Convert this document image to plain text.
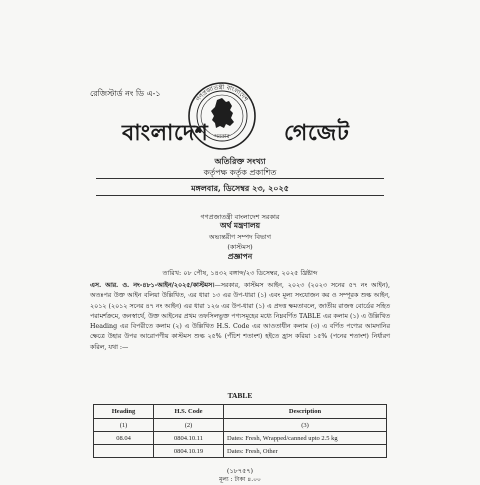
রেজিস্টার্ড নং ডি এ-১
বাংলাদেশ
গণপ্রজাতন্ত্রী বাংলাদেশ
সরকার গেজেট
অতিরিক্ত সংখ্যা
কর্তৃপক্ষ কর্তৃক প্রকাশিত
মঙ্গলবার, ডিসেম্বর ২৩, ২০২৫
গণপ্রজাতন্ত্রী বাংলাদেশ সরকার
অর্থ মন্ত্রণালয়
অভ্যন্তরীণ সম্পদ বিভাগ
(কাস্টমস)
প্রজ্ঞাপন
তারিখ: ০৮ পৌষ, ১৪৩২ বঙ্গাব্দ/২৩ ডিসেম্বর, ২০২৫ খ্রিষ্টাব্দ
এস. আর. ও. নং-৪৮১-আইন/২০২৫/কাস্টমস।—সরকার, কাস্টমস আইন, ২০২৩ (২০২৩ সনের ৫৭ নং আইন), অতঃপর উক্ত আইন বলিয়া উল্লিখিত, এর ধারা ১৩ এর উপ-ধারা (১) এবং মূল্য সংযোজন কর ও সম্পূরক শুল্ক আইন, ২০১২ (২০১২ সনের ৪৭ নং আইন) এর ধারা ১২৬ এর উপ-ধারা (১) এ প্রদত্ত ক্ষমতাবলে, জাতীয় রাজস্ব বোর্ডের সহিত পরামর্শক্রমে, জনস্বার্থে, উক্ত আইনের প্রথম তফসিলভুক্ত পণ্যসমূহের মধ্যে নিম্নবর্ণিত TABLE এর কলাম (১) এ উল্লিখিত Heading এর বিপরীতে কলাম (২) এ উল্লিখিত H.S. Code এর আওতাধীন কলাম (৩) এ বর্ণিত পণ্যের আমদানির ক্ষেত্রে উহার উপর আরোপণীয় কাস্টমস শুল্ক ২৫% (পঁচিশ শতাংশ) হইতে হ্রাস করিয়া ১৫% (পনের শতাংশ) নির্ধারণ করিল, যথা :—
TABLE
Heading	H.S. Code	Description
(1)	(2)	(3)
08.04	0804.10.11	Dates: Fresh, Wrapped/canned upto 2.5 kg
	0804.10.19	Dates: Fresh, Other
(১৮৭৫৭)
মূল্য : টাকা ৪.০০
